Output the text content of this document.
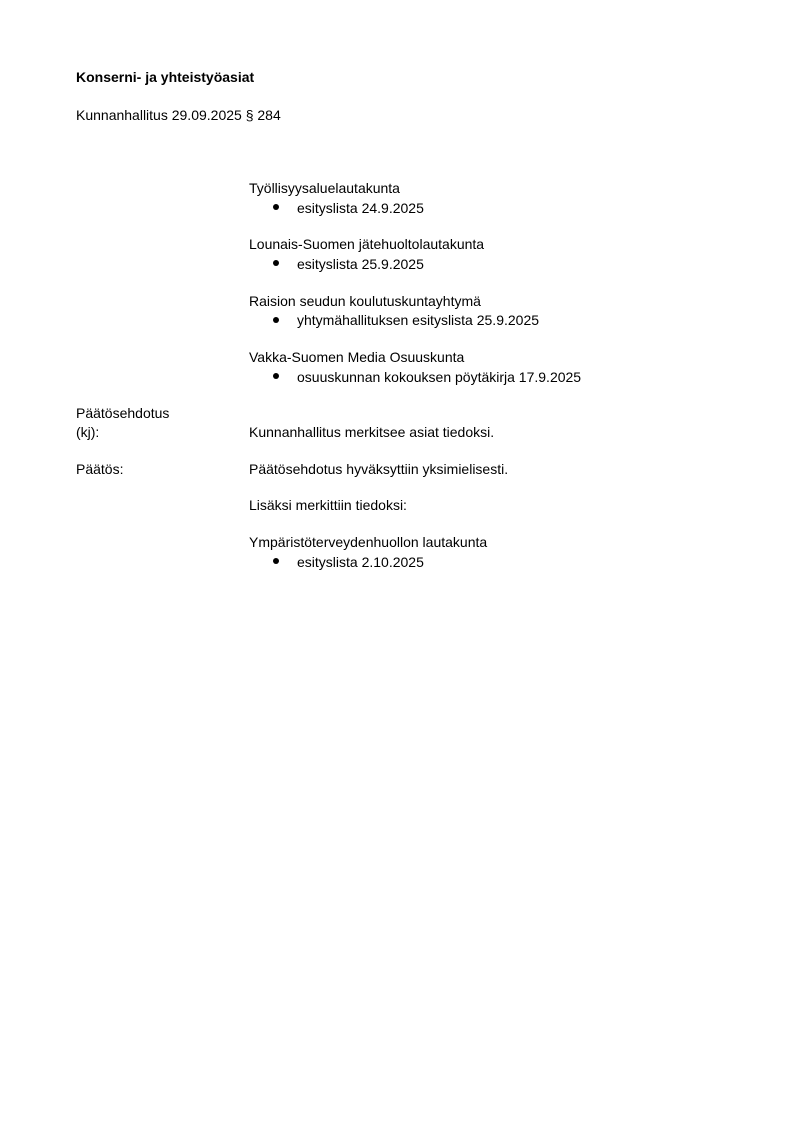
Konserni- ja yhteistyöasiat
Kunnanhallitus 29.09.2025 § 284
Työllisyysaluelautakunta
esityslista 24.9.2025
Lounais-Suomen jätehuoltolautakunta
esityslista 25.9.2025
Raision seudun koulutuskuntayhtymä
yhtymähallituksen esityslista 25.9.2025
Vakka-Suomen Media Osuuskunta
osuuskunnan kokouksen pöytäkirja 17.9.2025
Päätösehdotus
(kj):	Kunnanhallitus merkitsee asiat tiedoksi.
Päätös:	Päätösehdotus hyväksyttiin yksimielisesti.
Lisäksi merkittiin tiedoksi:
Ympäristöterveydenhuollon lautakunta
esityslista 2.10.2025
